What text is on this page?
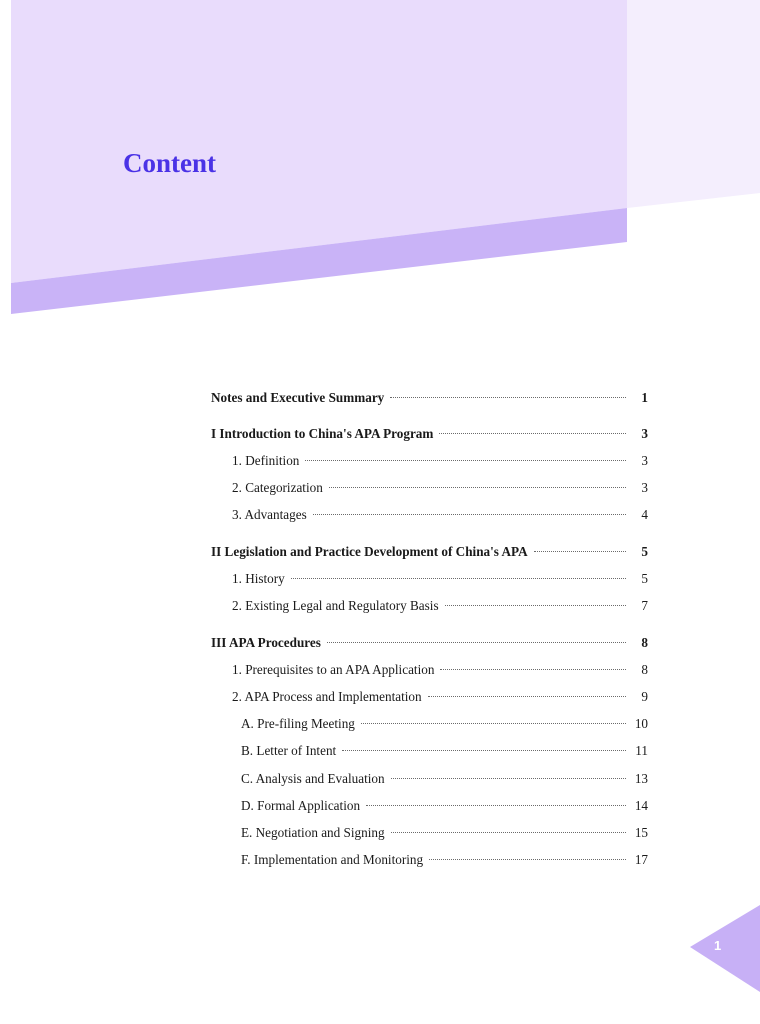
Content
Notes and Executive Summary	1
I Introduction to China's APA Program	3
1. Definition	3
2. Categorization	3
3. Advantages	4
II Legislation and Practice Development of China's APA	5
1. History	5
2. Existing Legal and Regulatory Basis	7
III APA Procedures	8
1. Prerequisites to an APA Application	8
2. APA Process and Implementation	9
A. Pre-filing Meeting	10
B. Letter of Intent	11
C. Analysis and Evaluation	13
D. Formal Application	14
E. Negotiation and Signing	15
F. Implementation and Monitoring	17
1
